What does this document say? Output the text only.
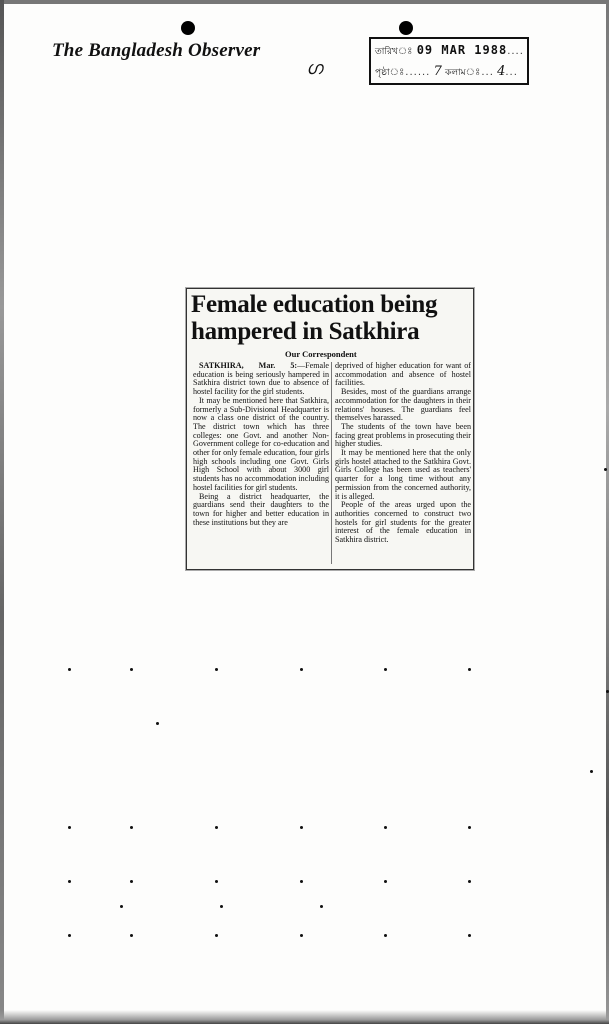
The Bangladesh Observer
ഗ
তারিখঃ 09 MAR 1988....
পৃষ্ঠাঃ...... 7 কলামঃ... 4...
Female education being
hampered in Satkhira
Our Correspondent

SATKHIRA, Mar. 5:—Female education is being seriously hampered in Satkhira district town due to absence of hostel facility for the girl students.

It may be mentioned here that Satkhira, formerly a Sub-Divisional Headquarter is now a class one district of the country. The district town which has three colleges: one Govt. and another Non-Government college for co-education and other for only female education, four girls high schools including one Govt. Girls High School with about 3000 girl students has no accommodation including hostel facilities for girl students.

Being a district headquarter, the guardians send their daughters to the town for higher and better education in these institutions but they are

deprived of higher education for want of accommodation and absence of hostel facilities.

Besides, most of the guardians arrange accommodation for the daughters in their relations' houses. The guardians feel themselves harassed.

The students of the town have been facing great problems in prosecuting their higher studies.

It may be mentioned here that the only girls hostel attached to the Satkhira Govt. Girls College has been used as teachers' quarter for a long time without any permission from the concerned authority, it is alleged.

People of the areas urged upon the authorities concerned to construct two hostels for girl students for the greater interest of the female education in Satkhira district.
